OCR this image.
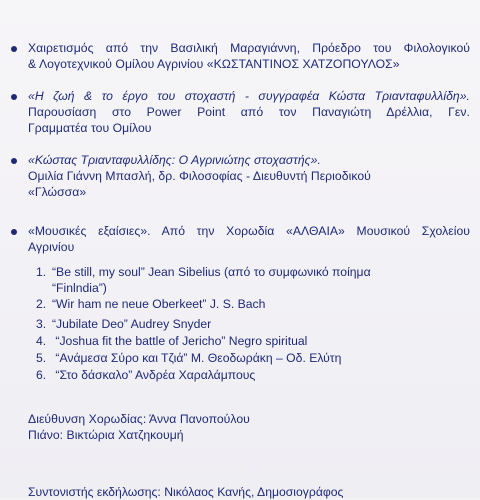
Χαιρετισμός από την Βασιλική Μαραγιάννη, Πρόεδρο του Φιλολογικού
& Λογοτεχνικού Ομίλου Αγρινίου «ΚΩΣΤΑΝΤΙΝΟΣ ΧΑΤΖΟΠΟΥΛΟΣ»
«Η ζωή & το έργο του στοχαστή - συγγραφέα Κώστα Τριανταφυλλίδη».
Παρουσίαση στο Power Point από τον Παναγιώτη Δρέλλια, Γεν.
Γραμματέα του Ομίλου
«Κώστας Τριανταφυλλίδης: Ο Αγρινιώτης στοχαστής».
Ομιλία Γιάννη Μπασλή, δρ. Φιλοσοφίας - Διευθυντή Περιοδικού
«Γλώσσα»
«Μουσικές εξαίσιες». Από την Χορωδία «ΑΛΘΑΙΑ» Μουσικού Σχολείου
Αγρινίου
1. “Be still, my soul” Jean Sibelius (από το συμφωνικό ποίημα
“Finlndia”)
2. “Wir ham ne neue Oberkeet” J. S. Bach
3. “Jubilate Deo” Audrey Snyder
4. “Joshua fit the battle of Jericho” Negro spiritual
5. “Ανάμεσα Σύρο και Τζιά” Μ. Θεοδωράκη – Οδ. Ελύτη
6. “Στο δάσκαλο” Ανδρέα Χαραλάμπους
Διεύθυνση Χορωδίας: Άννα Πανοπούλου
Πιάνο: Βικτώρια Χατζηκουμή
Συντονιστής εκδήλωσης: Νικόλαος Κανής, Δημοσιογράφος
